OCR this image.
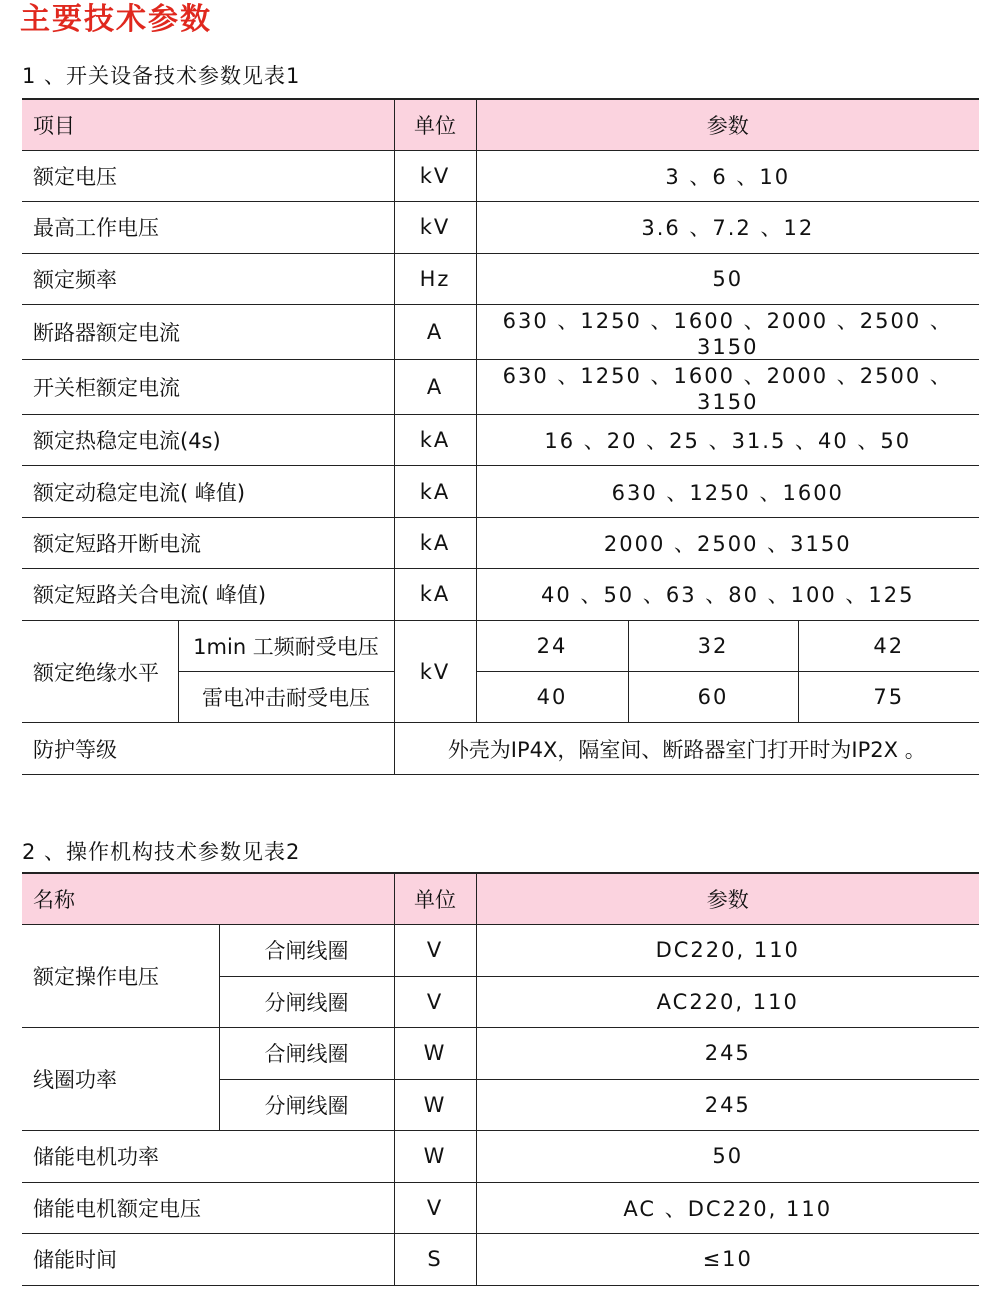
主要技术参数
1 、开关设备技术参数见表1
项目		单位	参数		
额定电压		kV	3 、6 、10		
最高工作电压		kV	3.6 、7.2 、12		
额定频率		Hz	50		
断路器额定电流		A	630 、1250 、1600 、2000 、2500 、3150		
开关柜额定电流		A	630 、1250 、1600 、2000 、2500 、3150		
额定热稳定电流(4s)		kA	16 、20 、25 、31.5 、40 、50		
额定动稳定电流( 峰值)		kA	630 、1250 、1600		
额定短路开断电流		kA	2000 、2500 、3150		
额定短路关合电流( 峰值)		kA	40 、50 、63 、80 、100 、125		
额定绝缘水平	1min 工频耐受电压	kV	24	32	42
	雷电冲击耐受电压		40	60	75
防护等级		外壳为IP4X，隔室间、断路器室门打开时为IP2X 。			
2 、操作机构技术参数见表2
名称		单位	参数
额定操作电压	合闸线圈	V	DC220, 110
	分闸线圈	V	AC220, 110
线圈功率	合闸线圈	W	245
	分闸线圈	W	245
储能电机功率		W	50
储能电机额定电压		V	AC 、DC220, 110
储能时间		S	≤10
